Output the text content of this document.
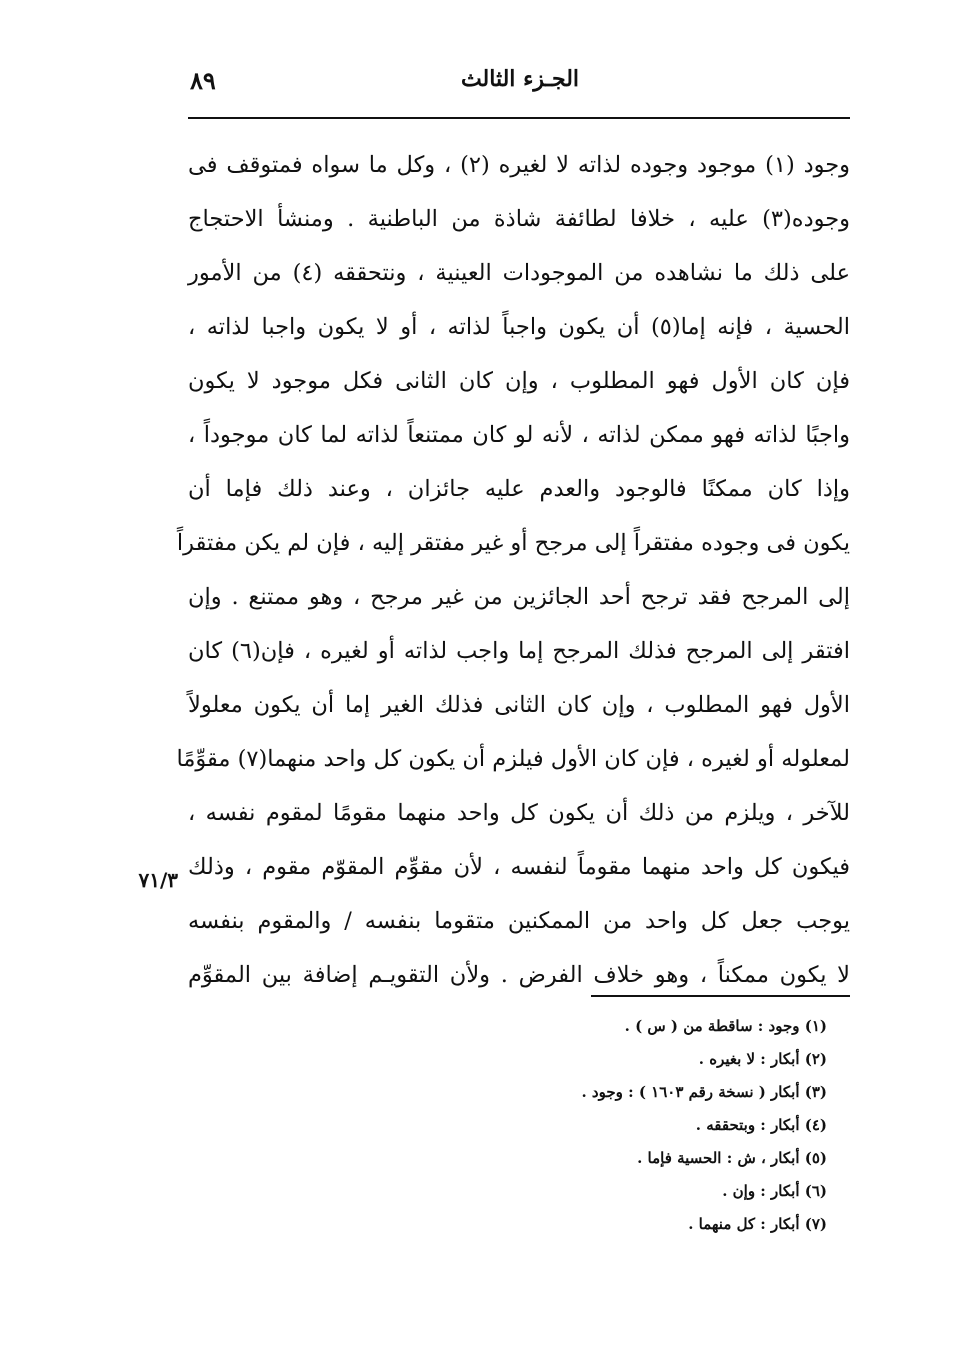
الجـزء الثالث
٨٩
وجود (١) موجود وجوده لذاته لا لغيره (٢) ، وكل ما سواه فمتوقف فى
وجوده(٣) عليه ، خلافا لطائفة شاذة من الباطنية . ومنشأ الاحتجاج
على ذلك ما نشاهده من الموجودات العينية ، ونتحققه (٤) من الأمور
الحسية ، فإنه إما(٥) أن يكون واجباً لذاته ، أو لا يكون واجبا لذاته ،
فإن كان الأول فهو المطلوب ، وإن كان الثانى فكل موجود لا يكون
واجبًا لذاته فهو ممكن لذاته ، لأنه لو كان ممتنعاً لذاته لما كان موجوداً ،
وإذا كان ممكنًا فالوجود والعدم عليه جائزان ، وعند ذلك فإما أن
يكون فى وجوده مفتقراً إلى مرجح أو غير مفتقر إليه ، فإن لم يكن مفتقراً
إلى المرجح فقد ترجح أحد الجائزين من غير مرجح ، وهو ممتنع . وإن
افتقر إلى المرجح فذلك المرجح إما واجب لذاته أو لغيره ، فإن(٦) كان
الأول فهو المطلوب ، وإن كان الثانى فذلك الغير إما أن يكون معلولاً
لمعلوله أو لغيره ، فإن كان الأول فيلزم أن يكون كل واحد منهما(٧) مقوِّمًا
للآخر ، ويلزم من ذلك أن يكون كل واحد منهما مقومًا لمقوم نفسه ،
فيكون كل واحد منهما مقوماً لنفسه ، لأن مقوِّم المقوّم مقوم ، وذلك
يوجب جعل كل واحد من الممكنين متقوما بنفسه / والمقوم بنفسه
لا يكون ممكناً ، وهو خلاف الفرض . ولأن التقويـم إضافة بين المقوِّم
٧١/٣
(١) وجود : ساقطة من ( س ) .
(٢) أبكار : لا بغيره .
(٣) أبكار ( نسخة رقم ١٦٠٣ ) : وجود .
(٤) أبكار : وبتحققه .
(٥) أبكار ، ش : الحسية فإما .
(٦) أبكار : وإن .
(٧) أبكار : كل منهما .
